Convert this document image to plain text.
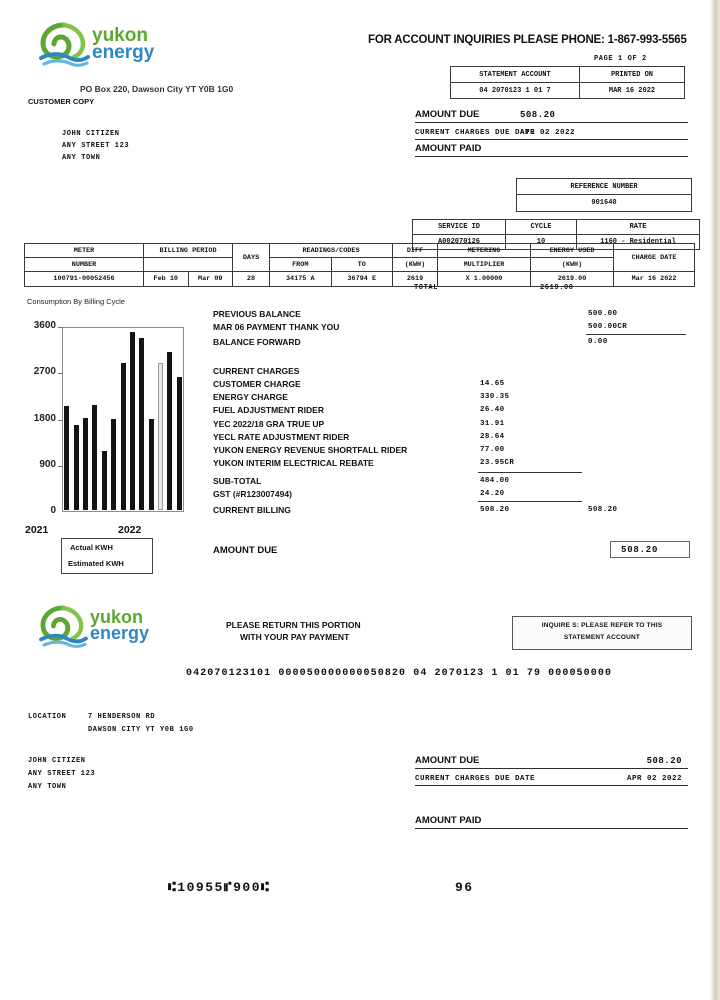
yukon
energy
PO Box 220, Dawson City YT Y0B 1G0
CUSTOMER COPY
JOHN CITIZEN
ANY STREET 123
ANY TOWN
FOR ACCOUNT INQUIRIES PLEASE PHONE: 1-867-993-5565
PAGE 1 OF 2
STATEMENT ACCOUNT	PRINTED ON
04 2070123 1 01 7	MAR 16 2022
AMOUNT DUE	508.20
CURRENT CHARGES DUE DATE
APR 02 2022
AMOUNT PAID
REFERENCE NUMBER
901640
SERVICE ID	CYCLE	RATE
A002070126	10	1160 - Residential
METER	BILLING PERIOD		DAYS	READINGS/CODES		DIFF	METERING	ENERGY USED	CHARGE DATE
NUMBER				FROM	TO	(KWH)	MULTIPLIER	(KWH)	
100791-00052456	Feb 10	Mar 09	28	34175 A	36794 E	2619	X 1.00000	2619.00	Mar 16 2022
TOTAL	2619.00
Consumption By Billing Cycle
0
900
1800
2700
3600
2021	2022
Actual KWH
Estimated KWH
PREVIOUS BALANCE	500.00
MAR 06 PAYMENT THANK YOU	500.00CR
BALANCE FORWARD	0.00
CURRENT CHARGES
CUSTOMER CHARGE	14.65
ENERGY CHARGE	330.35
FUEL ADJUSTMENT RIDER	26.40
YEC 2022/18 GRA TRUE UP	31.91
YECL RATE ADJUSTMENT RIDER	28.64
YUKON ENERGY REVENUE SHORTFALL RIDER	77.00
YUKON INTERIM ELECTRICAL REBATE	23.95CR
SUB-TOTAL	484.00
GST (#R123007494)	24.20
CURRENT BILLING	508.20	508.20
AMOUNT DUE	508.20
yukon
energy	PLEASE RETURN THIS PORTION
WITH YOUR PAY PAYMENT
INQUIRE S: PLEASE REFER TO THIS
STATEMENT ACCOUNT
042070123101 000050000000050820 04 2070123 1 01 79 000050000
LOCATION	7 HENDERSON RD
DAWSON CITY YT Y0B 1G0
JOHN CITIZEN
ANY STREET 123
ANY TOWN
AMOUNT DUE	508.20
CURRENT CHARGES DUE DATE	APR 02 2022
AMOUNT PAID
⑆10955⑈900⑆	96
